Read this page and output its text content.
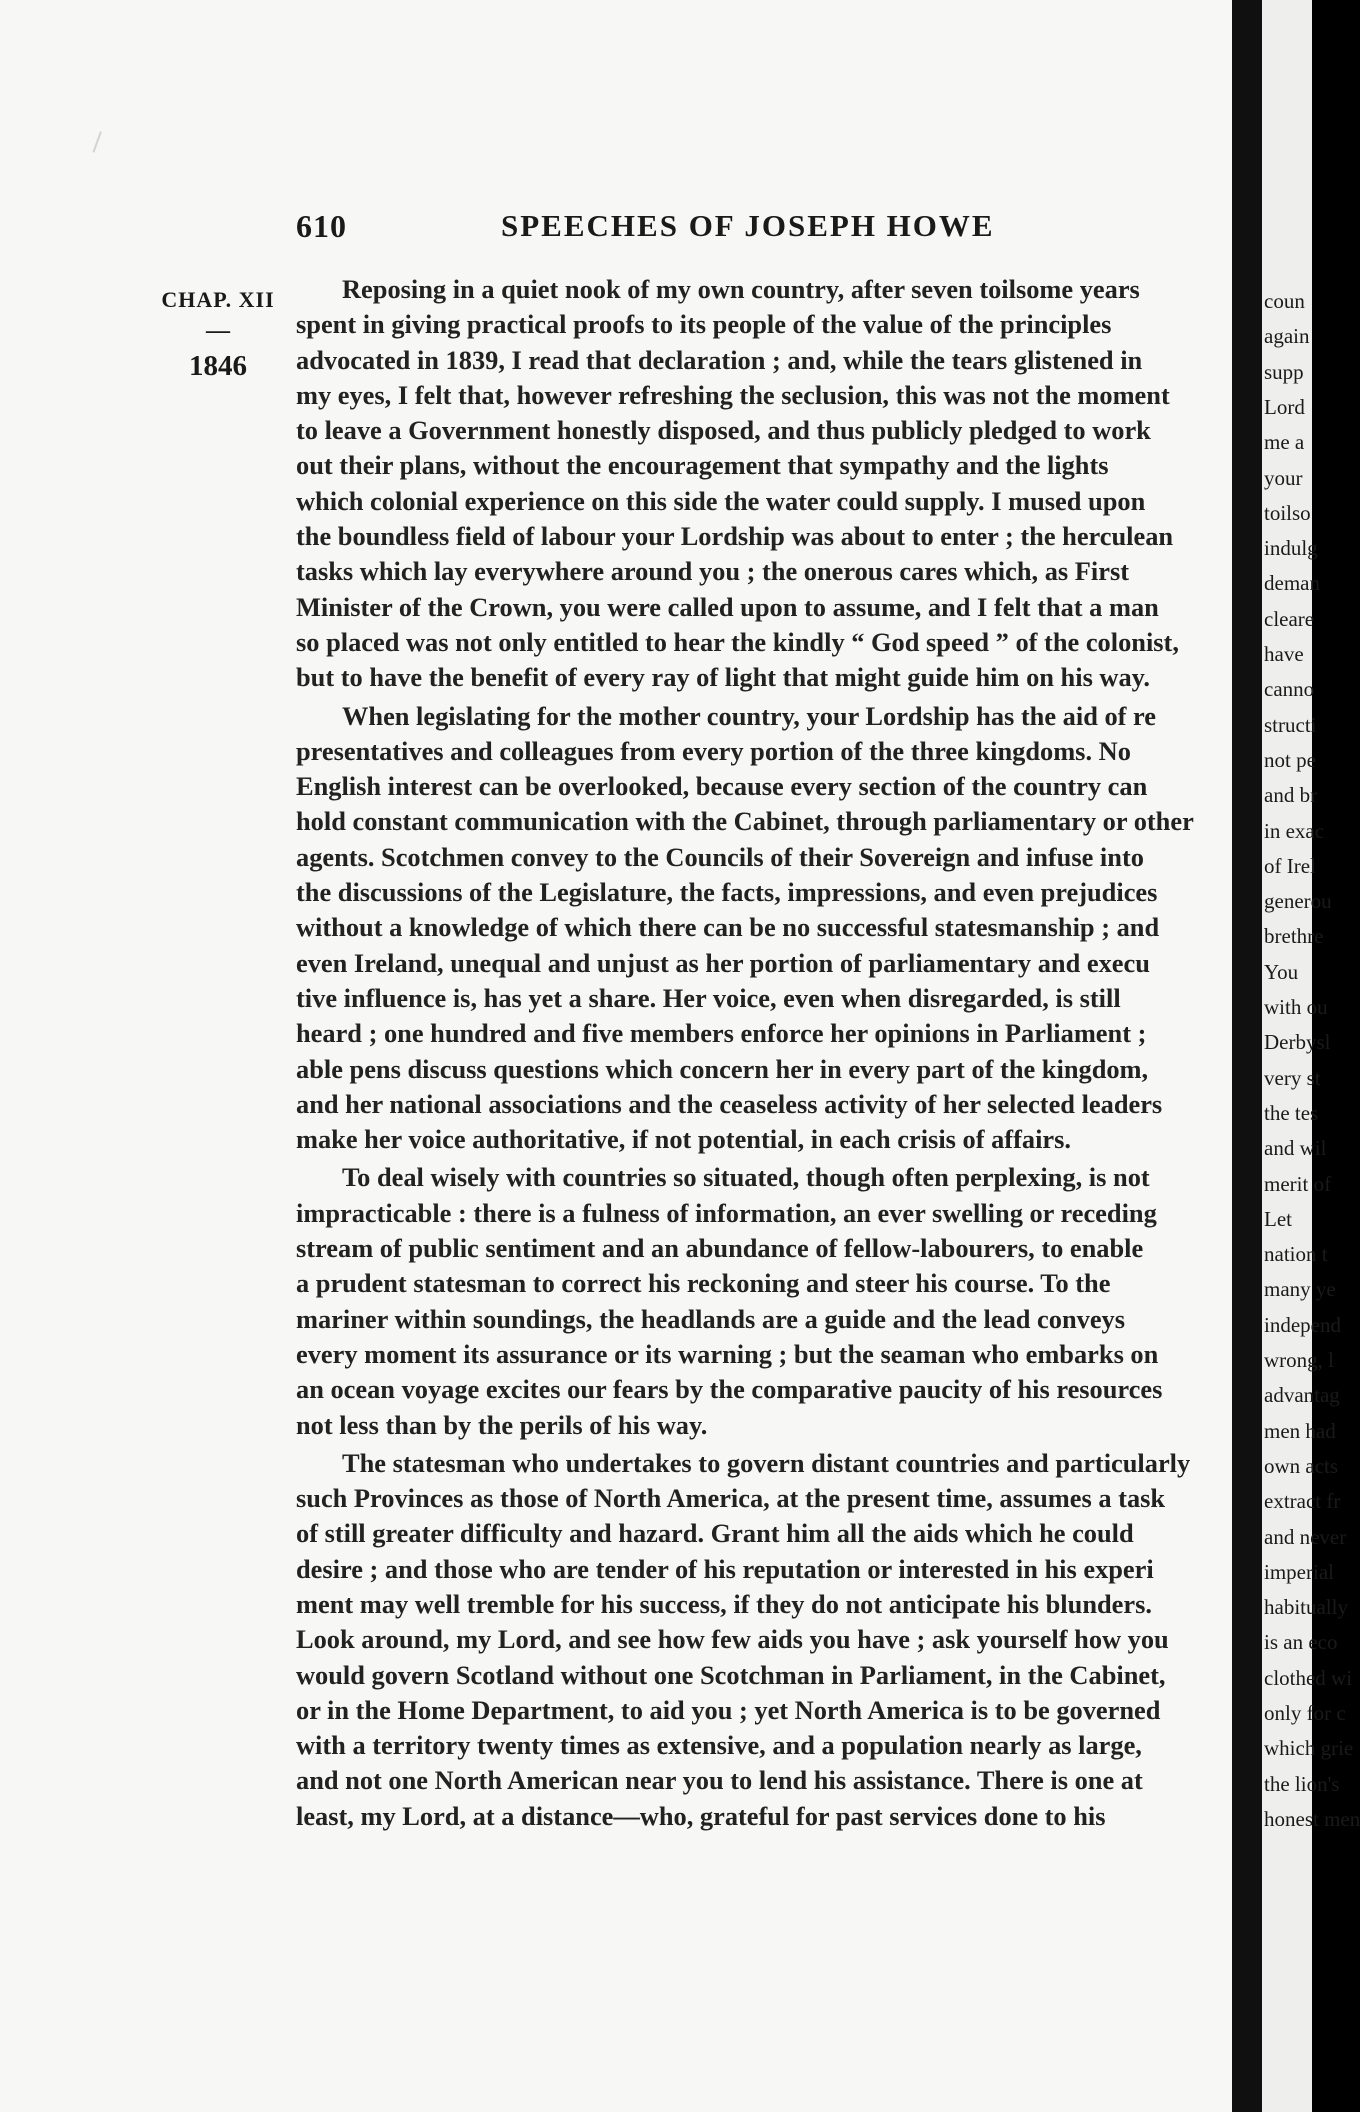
610	SPEECHES OF JOSEPH HOWE
CHAP. XII
—
1846
Reposing in a quiet nook of my own country, after seven toilsome years
spent in giving practical proofs to its people of the value of the principles
advocated in 1839, I read that declaration ; and, while the tears glistened in
my eyes, I felt that, however refreshing the seclusion, this was not the moment
to leave a Government honestly disposed, and thus publicly pledged to work
out their plans, without the encouragement that sympathy and the lights
which colonial experience on this side the water could supply. I mused upon
the boundless field of labour your Lordship was about to enter ; the herculean
tasks which lay everywhere around you ; the onerous cares which, as First
Minister of the Crown, you were called upon to assume, and I felt that a man
so placed was not only entitled to hear the kindly “ God speed ” of the colonist,
but to have the benefit of every ray of light that might guide him on his way.
When legislating for the mother country, your Lordship has the aid of re
presentatives and colleagues from every portion of the three kingdoms. No
English interest can be overlooked, because every section of the country can
hold constant communication with the Cabinet, through parliamentary or other
agents. Scotchmen convey to the Councils of their Sovereign and infuse into
the discussions of the Legislature, the facts, impressions, and even prejudices
without a knowledge of which there can be no successful statesmanship ; and
even Ireland, unequal and unjust as her portion of parliamentary and execu
tive influence is, has yet a share. Her voice, even when disregarded, is still
heard ; one hundred and five members enforce her opinions in Parliament ;
able pens discuss questions which concern her in every part of the kingdom,
and her national associations and the ceaseless activity of her selected leaders
make her voice authoritative, if not potential, in each crisis of affairs.
To deal wisely with countries so situated, though often perplexing, is not
impracticable : there is a fulness of information, an ever swelling or receding
stream of public sentiment and an abundance of fellow-labourers, to enable
a prudent statesman to correct his reckoning and steer his course. To the
mariner within soundings, the headlands are a guide and the lead conveys
every moment its assurance or its warning ; but the seaman who embarks on
an ocean voyage excites our fears by the comparative paucity of his resources
not less than by the perils of his way.
The statesman who undertakes to govern distant countries and particularly
such Provinces as those of North America, at the present time, assumes a task
of still greater difficulty and hazard. Grant him all the aids which he could
desire ; and those who are tender of his reputation or interested in his experi
ment may well tremble for his success, if they do not anticipate his blunders.
Look around, my Lord, and see how few aids you have ; ask yourself how you
would govern Scotland without one Scotchman in Parliament, in the Cabinet,
or in the Home Department, to aid you ; yet North America is to be governed
with a territory twenty times as extensive, and a population nearly as large,
and not one North American near you to lend his assistance. There is one at
least, my Lord, at a distance—who, grateful for past services done to his
coun
again
supp
Lord
me a
your
toilso
indulg
deman
cleare
have
canno
structi
not pe
and br
in exac
of Irel
generou
brethre
You
with ou
Derbysl
very st
the tes
and wil
merit of
Let
nation t
many ye
independ
wrong, l
advantag
men had
own acts
extract fr
and never
imperial
habitually
is an eco
clothed wi
only for c
which grie
the lion's
honest men
